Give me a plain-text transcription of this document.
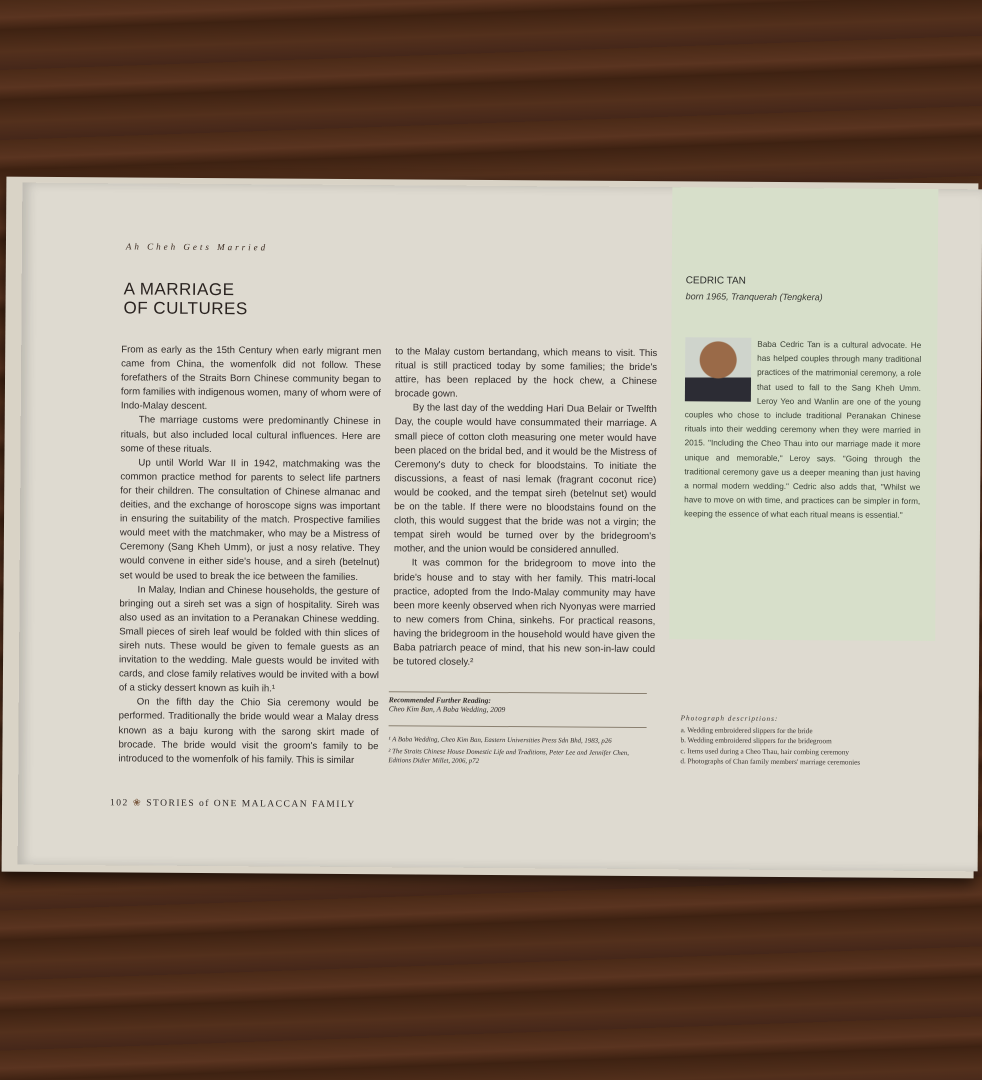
Ah Cheh Gets Married
A MARRIAGE
OF CULTURES

From as early as the 15th Century when early migrant men came from China, the womenfolk did not follow. These forefathers of the Straits Born Chinese community began to form families with indigenous women, many of whom were of Indo-Malay descent.

The marriage customs were predominantly Chinese in rituals, but also included local cultural influences. Here are some of these rituals.

Up until World War II in 1942, matchmaking was the common practice method for parents to select life partners for their children. The consultation of Chinese almanac and deities, and the exchange of horoscope signs was important in ensuring the suitability of the match. Prospective families would meet with the matchmaker, who may be a Mistress of Ceremony (Sang Kheh Umm), or just a nosy relative. They would convene in either side's house, and a sireh (betelnut) set would be used to break the ice between the families.

In Malay, Indian and Chinese households, the gesture of bringing out a sireh set was a sign of hospitality. Sireh was also used as an invitation to a Peranakan Chinese wedding. Small pieces of sireh leaf would be folded with thin slices of sireh nuts. These would be given to female guests as an invitation to the wedding. Male guests would be invited with cards, and close family relatives would be invited with a bowl of a sticky dessert known as kuih ih.¹

On the fifth day the Chio Sia ceremony would be performed. Traditionally the bride would wear a Malay dress known as a baju kurong with the sarong skirt made of brocade. The bride would visit the groom's family to be introduced to the womenfolk of his family. This is similar

to the Malay custom bertandang, which means to visit. This ritual is still practiced today by some families; the bride's attire, has been replaced by the hock chew, a Chinese brocade gown.

By the last day of the wedding Hari Dua Belair or Twelfth Day, the couple would have consummated their marriage. A small piece of cotton cloth measuring one meter would have been placed on the bridal bed, and it would be the Mistress of Ceremony's duty to check for bloodstains. To initiate the discussions, a feast of nasi lemak (fragrant coconut rice) would be cooked, and the tempat sireh (betelnut set) would be on the table. If there were no bloodstains found on the cloth, this would suggest that the bride was not a virgin; the tempat sireh would be turned over by the bridegroom's mother, and the union would be considered annulled.

It was common for the bridegroom to move into the bride's house and to stay with her family. This matri-local practice, adopted from the Indo-Malay community may have been more keenly observed when rich Nyonyas were married to new comers from China, sinkehs. For practical reasons, having the bridegroom in the household would have given the Baba patriarch peace of mind, that his new son-in-law could be tutored closely.²

Recommended Further Reading:
Cheo Kim Ban, A Baba Wedding, 2009
¹ A Baba Wedding, Cheo Kim Ban, Eastern Universities Press Sdn Bhd, 1983, p26
² The Straits Chinese House Domestic Life and Traditions, Peter Lee and Jennifer Chen, Editions Didier Millet, 2006, p72
CEDRIC TAN
born 1965, Tranquerah (Tengkera)
Baba Cedric Tan is a cultural advocate. He has helped couples through many traditional practices of the matrimonial ceremony, a role that used to fall to the Sang Kheh Umm. Leroy Yeo and Wanlin are one of the young couples who chose to include traditional Peranakan Chinese rituals into their wedding ceremony when they were married in 2015. "Including the Cheo Thau into our marriage made it more unique and memorable," Leroy says. "Going through the traditional ceremony gave us a deeper meaning than just having a normal modern wedding." Cedric also adds that, "Whilst we have to move on with time, and practices can be simpler in form, keeping the essence of what each ritual means is essential."
Photograph descriptions:
a. Wedding embroidered slippers for the bride
b. Wedding embroidered slippers for the bridegroom
c. Items used during a Cheo Thau, hair combing ceremony
d. Photographs of Chan family members' marriage ceremonies
102 ❀ STORIES of ONE MALACCAN FAMILY
